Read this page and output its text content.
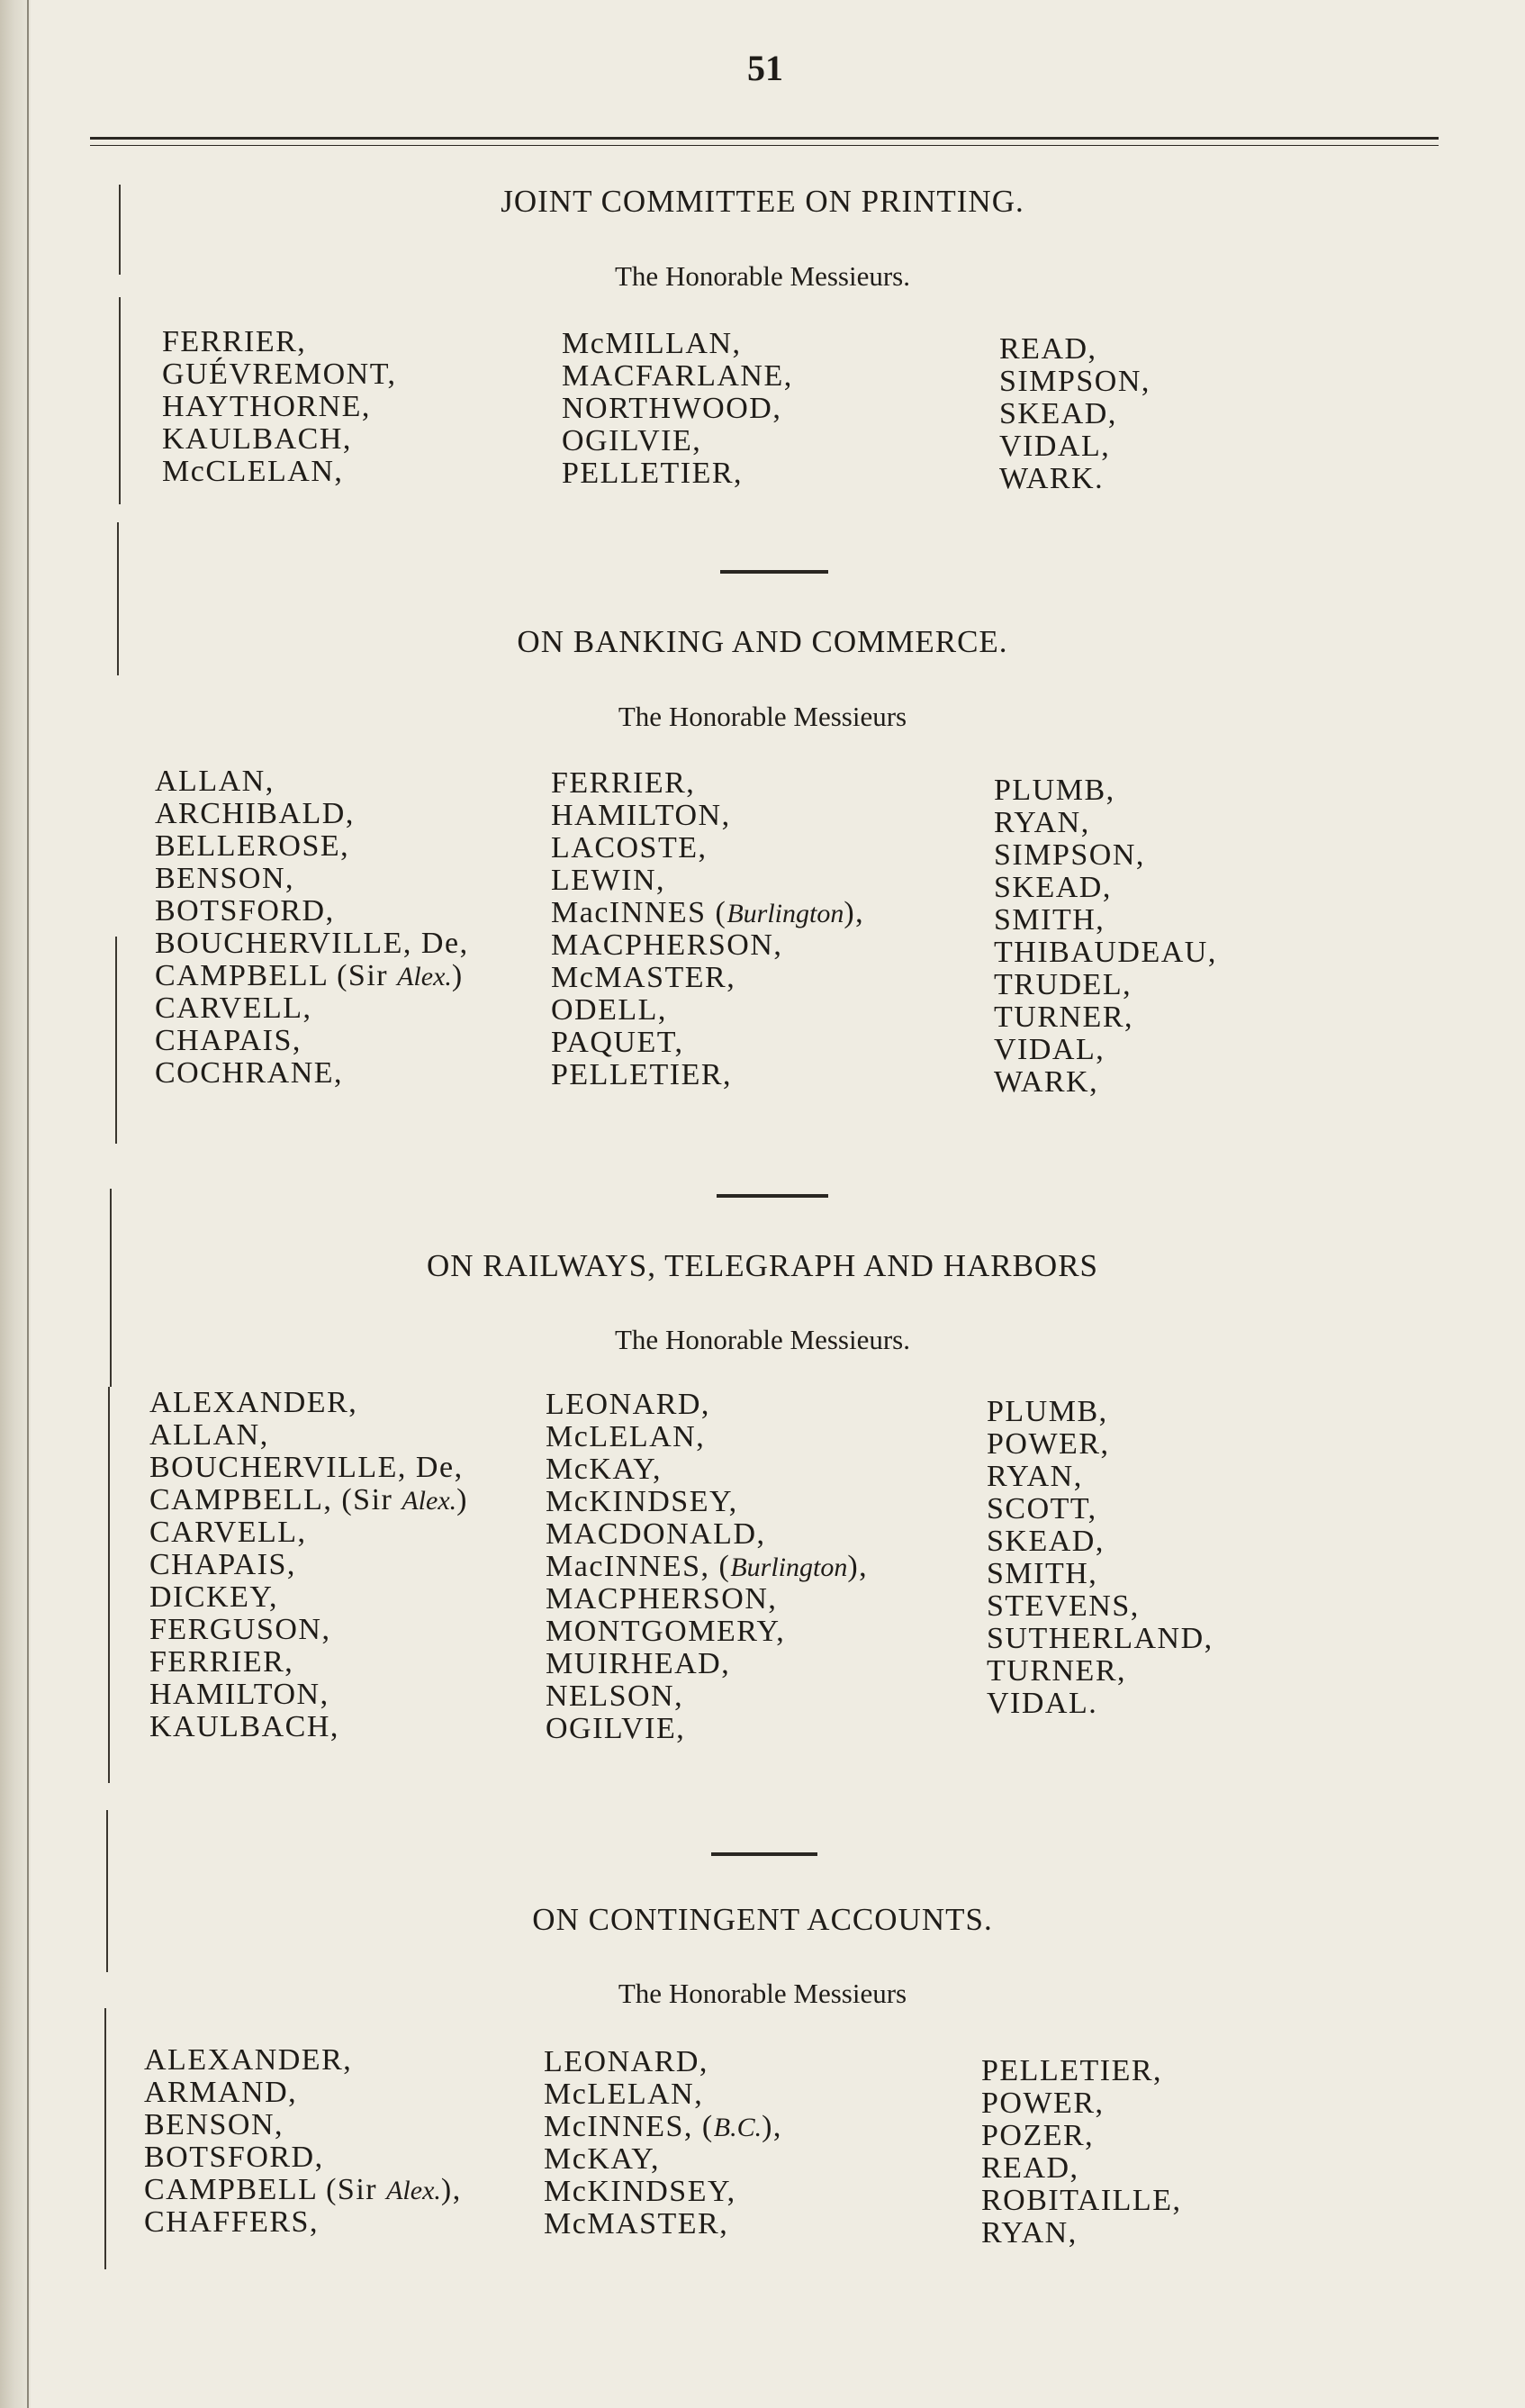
51
JOINT COMMITTEE ON PRINTING.
The Honorable Messieurs.
FERRIER,
GUÉVREMONT,
HAYTHORNE,
KAULBACH,
McCLELAN,
McMILLAN,
MACFARLANE,
NORTHWOOD,
OGILVIE,
PELLETIER,
READ,
SIMPSON,
SKEAD,
VIDAL,
WARK.
ON BANKING AND COMMERCE.
The Honorable Messieurs
ALLAN,
ARCHIBALD,
BELLEROSE,
BENSON,
BOTSFORD,
BOUCHERVILLE, De,
CAMPBELL (Sir Alex.)
CARVELL,
CHAPAIS,
COCHRANE,
FERRIER,
HAMILTON,
LACOSTE,
LEWIN,
MacINNES (Burlington),
MACPHERSON,
McMASTER,
ODELL,
PAQUET,
PELLETIER,
PLUMB,
RYAN,
SIMPSON,
SKEAD,
SMITH,
THIBAUDEAU,
TRUDEL,
TURNER,
VIDAL,
WARK,
ON RAILWAYS, TELEGRAPH AND HARBORS
The Honorable Messieurs.
ALEXANDER,
ALLAN,
BOUCHERVILLE, De,
CAMPBELL, (Sir Alex.)
CARVELL,
CHAPAIS,
DICKEY,
FERGUSON,
FERRIER,
HAMILTON,
KAULBACH,
LEONARD,
McLELAN,
McKAY,
McKINDSEY,
MACDONALD,
MacINNES, (Burlington),
MACPHERSON,
MONTGOMERY,
MUIRHEAD,
NELSON,
OGILVIE,
PLUMB,
POWER,
RYAN,
SCOTT,
SKEAD,
SMITH,
STEVENS,
SUTHERLAND,
TURNER,
VIDAL.
ON CONTINGENT ACCOUNTS.
The Honorable Messieurs
ALEXANDER,
ARMAND,
BENSON,
BOTSFORD,
CAMPBELL (Sir Alex.),
CHAFFERS,
LEONARD,
McLELAN,
McINNES, (B.C.),
McKAY,
McKINDSEY,
McMASTER,
PELLETIER,
POWER,
POZER,
READ,
ROBITAILLE,
RYAN,
